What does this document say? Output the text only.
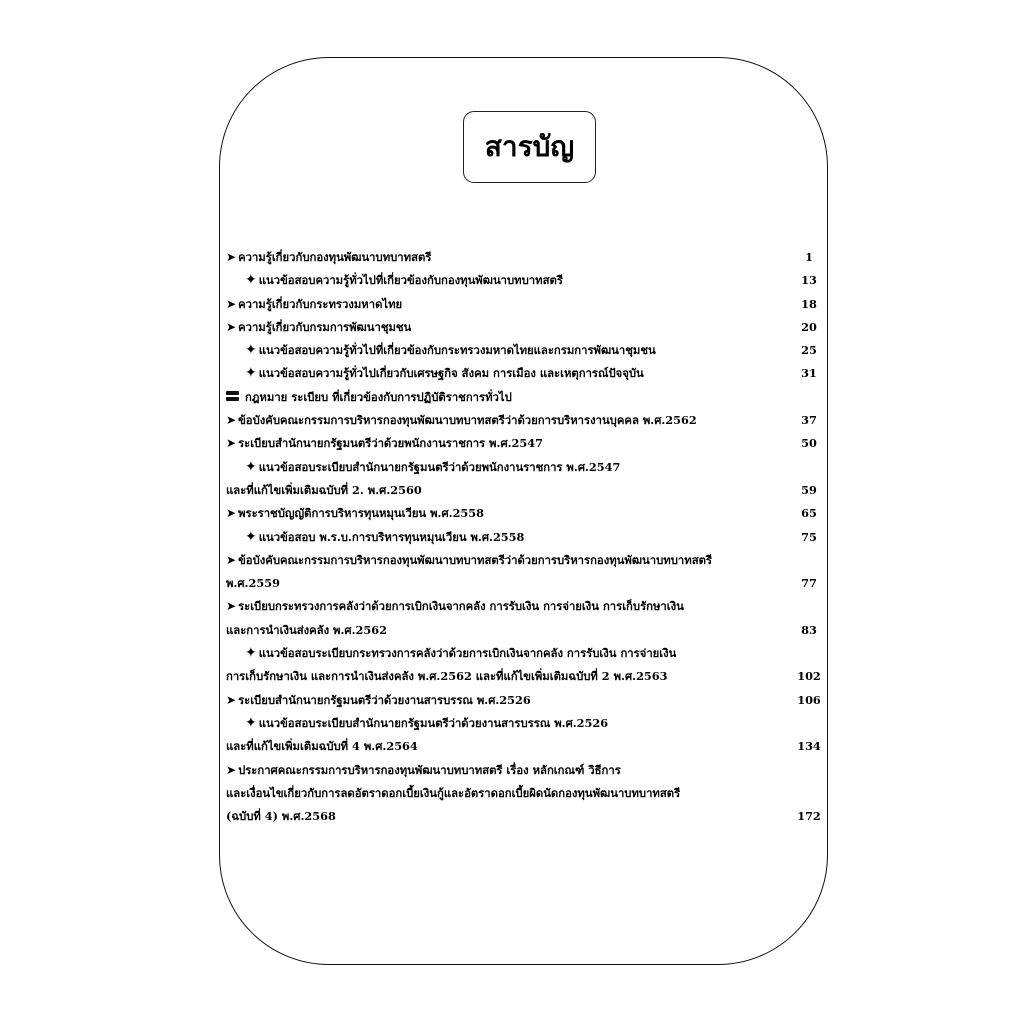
สารบัญ
➤ ความรู้เกี่ยวกับกองทุนพัฒนาบทบาทสตรี	1
✦ แนวข้อสอบความรู้ทั่วไปที่เกี่ยวข้องกับกองทุนพัฒนาบทบาทสตรี	13
➤ ความรู้เกี่ยวกับกระทรวงมหาดไทย	18
➤ ความรู้เกี่ยวกับกรมการพัฒนาชุมชน	20
✦ แนวข้อสอบความรู้ทั่วไปที่เกี่ยวข้องกับกระทรวงมหาดไทยและกรมการพัฒนาชุมชน	25
✦ แนวข้อสอบความรู้ทั่วไปเกี่ยวกับเศรษฐกิจ สังคม การเมือง และเหตุการณ์ปัจจุบัน	31
กฎหมาย ระเบียบ ที่เกี่ยวข้องกับการปฏิบัติราชการทั่วไป
➤ ข้อบังคับคณะกรรมการบริหารกองทุนพัฒนาบทบาทสตรีว่าด้วยการบริหารงานบุคคล พ.ศ.2562	37
➤ ระเบียบสำนักนายกรัฐมนตรีว่าด้วยพนักงานราชการ พ.ศ.2547	50
✦ แนวข้อสอบระเบียบสำนักนายกรัฐมนตรีว่าด้วยพนักงานราชการ พ.ศ.2547
และที่แก้ไขเพิ่มเติมฉบับที่ 2. พ.ศ.2560	59
➤ พระราชบัญญัติการบริหารทุนหมุนเวียน พ.ศ.2558	65
✦ แนวข้อสอบ พ.ร.บ.การบริหารทุนหมุนเวียน พ.ศ.2558	75
➤ ข้อบังคับคณะกรรมการบริหารกองทุนพัฒนาบทบาทสตรีว่าด้วยการบริหารกองทุนพัฒนาบทบาทสตรี
พ.ศ.2559	77
➤ ระเบียบกระทรวงการคลังว่าด้วยการเบิกเงินจากคลัง การรับเงิน การจ่ายเงิน การเก็บรักษาเงิน
และการนำเงินส่งคลัง พ.ศ.2562	83
✦ แนวข้อสอบระเบียบกระทรวงการคลังว่าด้วยการเบิกเงินจากคลัง การรับเงิน การจ่ายเงิน
การเก็บรักษาเงิน และการนำเงินส่งคลัง พ.ศ.2562 และที่แก้ไขเพิ่มเติมฉบับที่ 2 พ.ศ.2563	102
➤ ระเบียบสำนักนายกรัฐมนตรีว่าด้วยงานสารบรรณ พ.ศ.2526	106
✦ แนวข้อสอบระเบียบสำนักนายกรัฐมนตรีว่าด้วยงานสารบรรณ พ.ศ.2526
และที่แก้ไขเพิ่มเติมฉบับที่ 4 พ.ศ.2564	134
➤ ประกาศคณะกรรมการบริหารกองทุนพัฒนาบทบาทสตรี เรื่อง หลักเกณฑ์ วิธีการ
และเงื่อนไขเกี่ยวกับการลดอัตราดอกเบี้ยเงินกู้และอัตราดอกเบี้ยผิดนัดกองทุนพัฒนาบทบาทสตรี
(ฉบับที่ 4) พ.ศ.2568	172
